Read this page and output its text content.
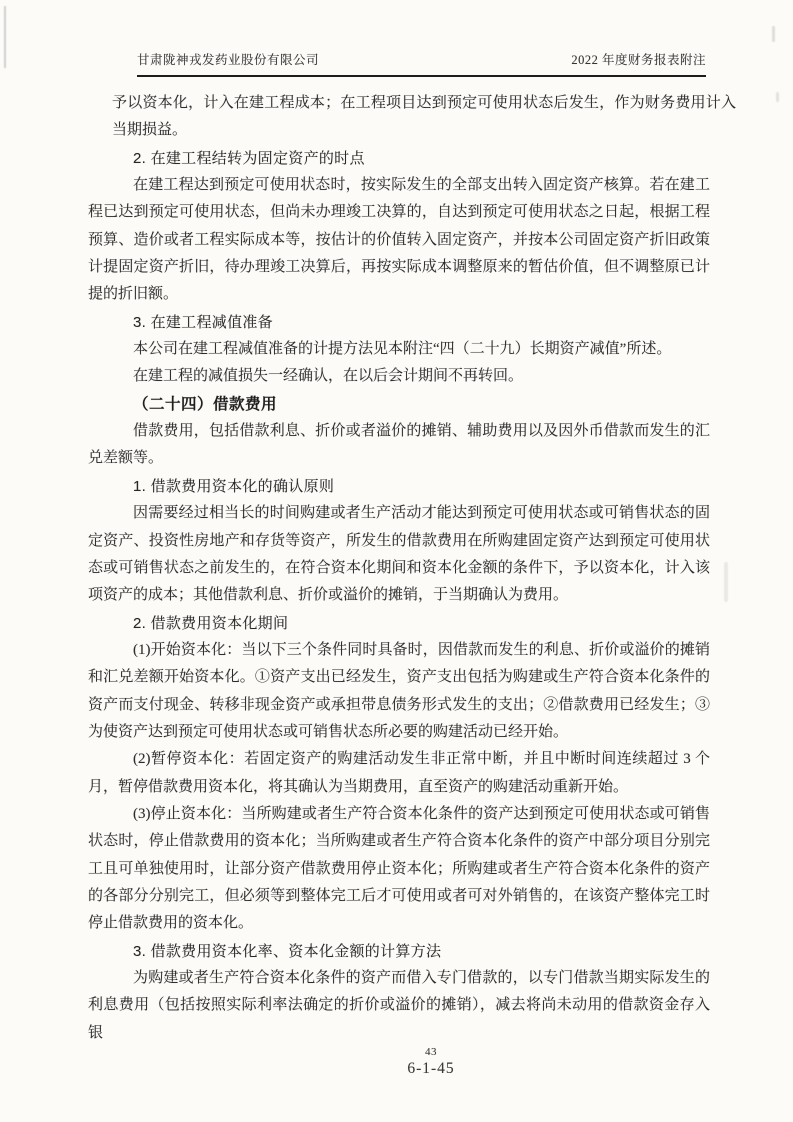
甘肃陇神戎发药业股份有限公司	2022 年度财务报表附注

予以资本化，计入在建工程成本；在工程项目达到预定可使用状态后发生，作为财务费用计入当期损益。

2. 在建工程结转为固定资产的时点

在建工程达到预定可使用状态时，按实际发生的全部支出转入固定资产核算。若在建工程已达到预定可使用状态，但尚未办理竣工决算的，自达到预定可使用状态之日起，根据工程预算、造价或者工程实际成本等，按估计的价值转入固定资产，并按本公司固定资产折旧政策计提固定资产折旧，待办理竣工决算后，再按实际成本调整原来的暂估价值，但不调整原已计提的折旧额。

3. 在建工程减值准备

本公司在建工程减值准备的计提方法见本附注“四（二十九）长期资产减值”所述。

在建工程的减值损失一经确认，在以后会计期间不再转回。

（二十四）借款费用

借款费用，包括借款利息、折价或者溢价的摊销、辅助费用以及因外币借款而发生的汇兑差额等。

1. 借款费用资本化的确认原则

因需要经过相当长的时间购建或者生产活动才能达到预定可使用状态或可销售状态的固定资产、投资性房地产和存货等资产，所发生的借款费用在所购建固定资产达到预定可使用状态或可销售状态之前发生的，在符合资本化期间和资本化金额的条件下，予以资本化，计入该项资产的成本；其他借款利息、折价或溢价的摊销，于当期确认为费用。

2. 借款费用资本化期间

(1)开始资本化：当以下三个条件同时具备时，因借款而发生的利息、折价或溢价的摊销和汇兑差额开始资本化。①资产支出已经发生，资产支出包括为购建或生产符合资本化条件的资产而支付现金、转移非现金资产或承担带息债务形式发生的支出；②借款费用已经发生；③为使资产达到预定可使用状态或可销售状态所必要的购建活动已经开始。

(2)暂停资本化：若固定资产的购建活动发生非正常中断，并且中断时间连续超过 3 个月，暂停借款费用资本化，将其确认为当期费用，直至资产的购建活动重新开始。

(3)停止资本化：当所购建或者生产符合资本化条件的资产达到预定可使用状态或可销售状态时，停止借款费用的资本化；当所购建或者生产符合资本化条件的资产中部分项目分别完工且可单独使用时，让部分资产借款费用停止资本化；所购建或者生产符合资本化条件的资产的各部分分别完工，但必须等到整体完工后才可使用或者可对外销售的，在该资产整体完工时停止借款费用的资本化。

3. 借款费用资本化率、资本化金额的计算方法

为购建或者生产符合资本化条件的资产而借入专门借款的，以专门借款当期实际发生的利息费用（包括按照实际利率法确定的折价或溢价的摊销），减去将尚未动用的借款资金存入银

43
6-1-45
